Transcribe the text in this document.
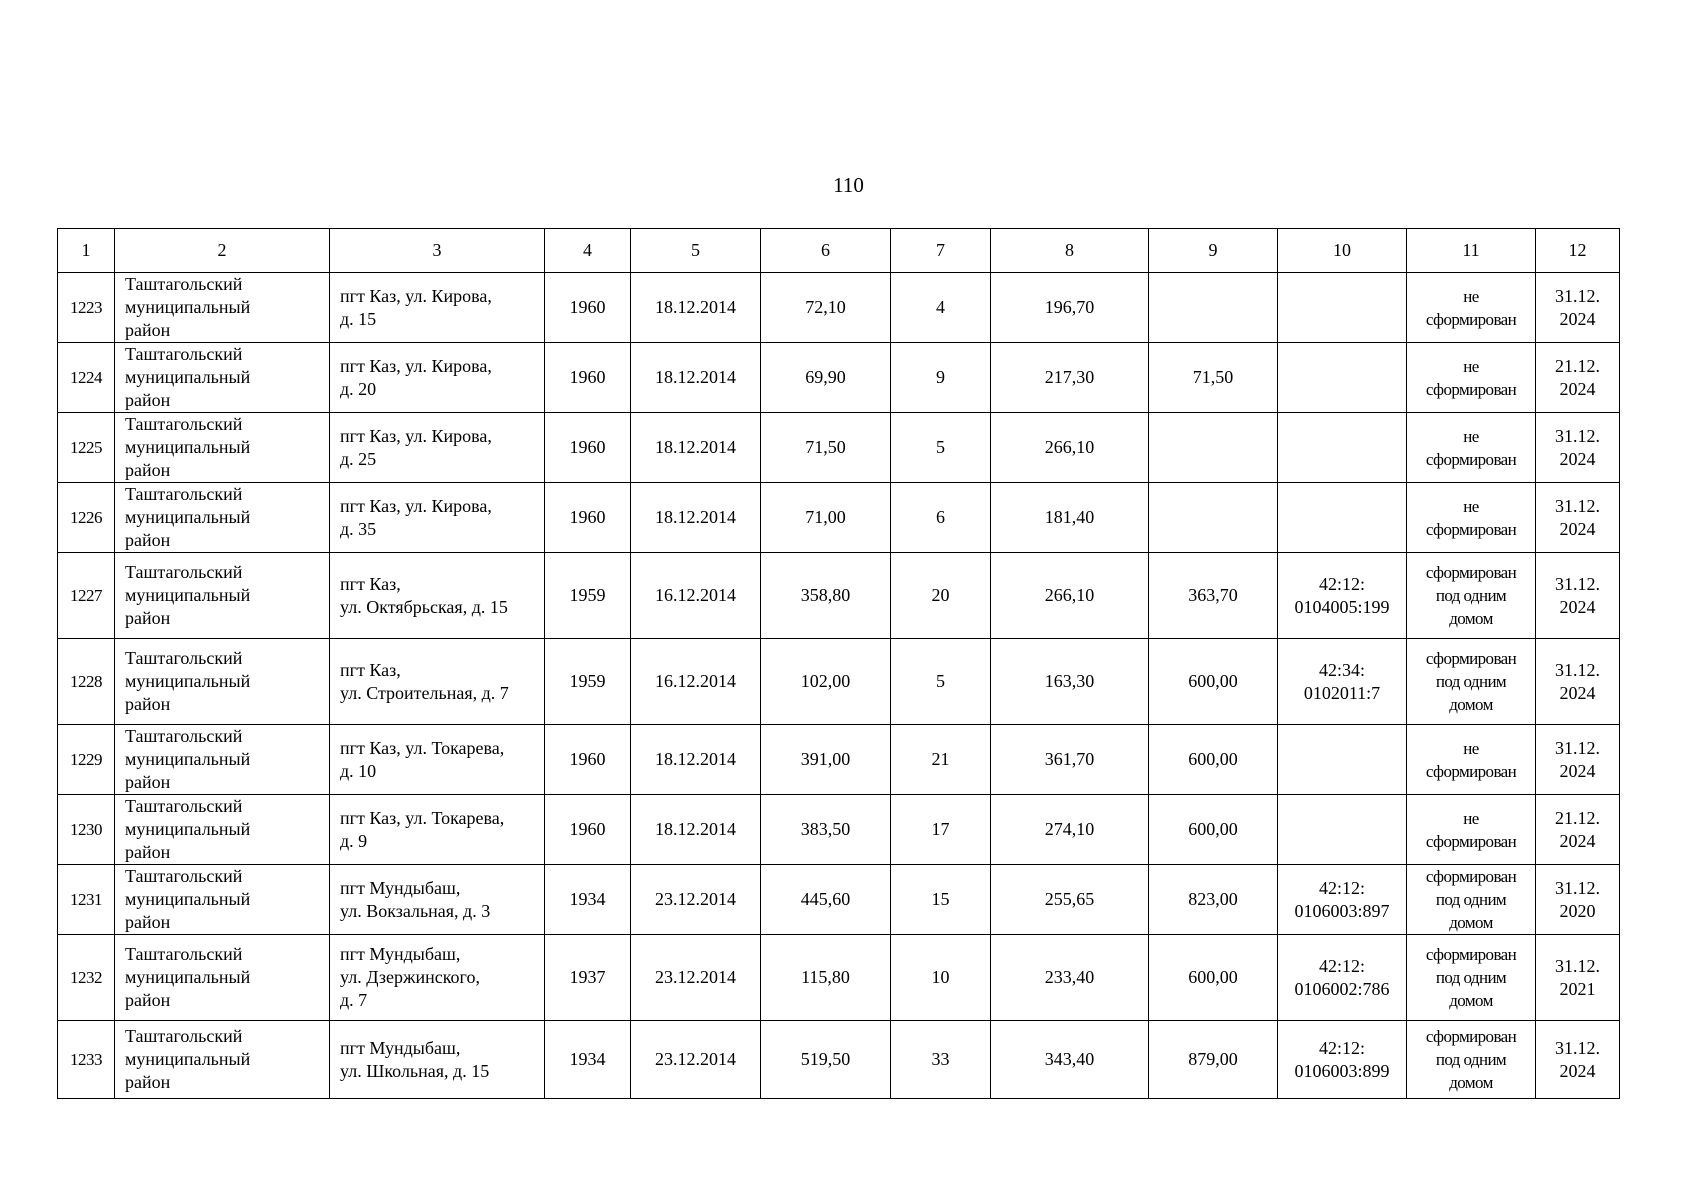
110
1	2	3	4	5	6	7	8	9	10	11	12
1223	Таштагольский
муниципальный
район	пгт Каз, ул. Кирова,
д. 15	1960	18.12.2014	72,10	4	196,70			не
сформирован	31.12.
2024
1224	Таштагольский
муниципальный
район	пгт Каз, ул. Кирова,
д. 20	1960	18.12.2014	69,90	9	217,30	71,50		не
сформирован	21.12.
2024
1225	Таштагольский
муниципальный
район	пгт Каз, ул. Кирова,
д. 25	1960	18.12.2014	71,50	5	266,10			не
сформирован	31.12.
2024
1226	Таштагольский
муниципальный
район	пгт Каз, ул. Кирова,
д. 35	1960	18.12.2014	71,00	6	181,40			не
сформирован	31.12.
2024
1227	Таштагольский
муниципальный
район	пгт Каз,
ул. Октябрьская, д. 15	1959	16.12.2014	358,80	20	266,10	363,70	42:12:
0104005:199	сформирован
под одним
домом	31.12.
2024
1228	Таштагольский
муниципальный
район	пгт Каз,
ул. Строительная, д. 7	1959	16.12.2014	102,00	5	163,30	600,00	42:34:
0102011:7	сформирован
под одним
домом	31.12.
2024
1229	Таштагольский
муниципальный
район	пгт Каз, ул. Токарева,
д. 10	1960	18.12.2014	391,00	21	361,70	600,00		не
сформирован	31.12.
2024
1230	Таштагольский
муниципальный
район	пгт Каз, ул. Токарева,
д. 9	1960	18.12.2014	383,50	17	274,10	600,00		не
сформирован	21.12.
2024
1231	Таштагольский
муниципальный
район	пгт Мундыбаш,
ул. Вокзальная, д. 3	1934	23.12.2014	445,60	15	255,65	823,00	42:12:
0106003:897	сформирован
под одним
домом	31.12.
2020
1232	Таштагольский
муниципальный
район	пгт Мундыбаш,
ул. Дзержинского,
д. 7	1937	23.12.2014	115,80	10	233,40	600,00	42:12:
0106002:786	сформирован
под одним
домом	31.12.
2021
1233	Таштагольский
муниципальный
район	пгт Мундыбаш,
ул. Школьная, д. 15	1934	23.12.2014	519,50	33	343,40	879,00	42:12:
0106003:899	сформирован
под одним
домом	31.12.
2024
